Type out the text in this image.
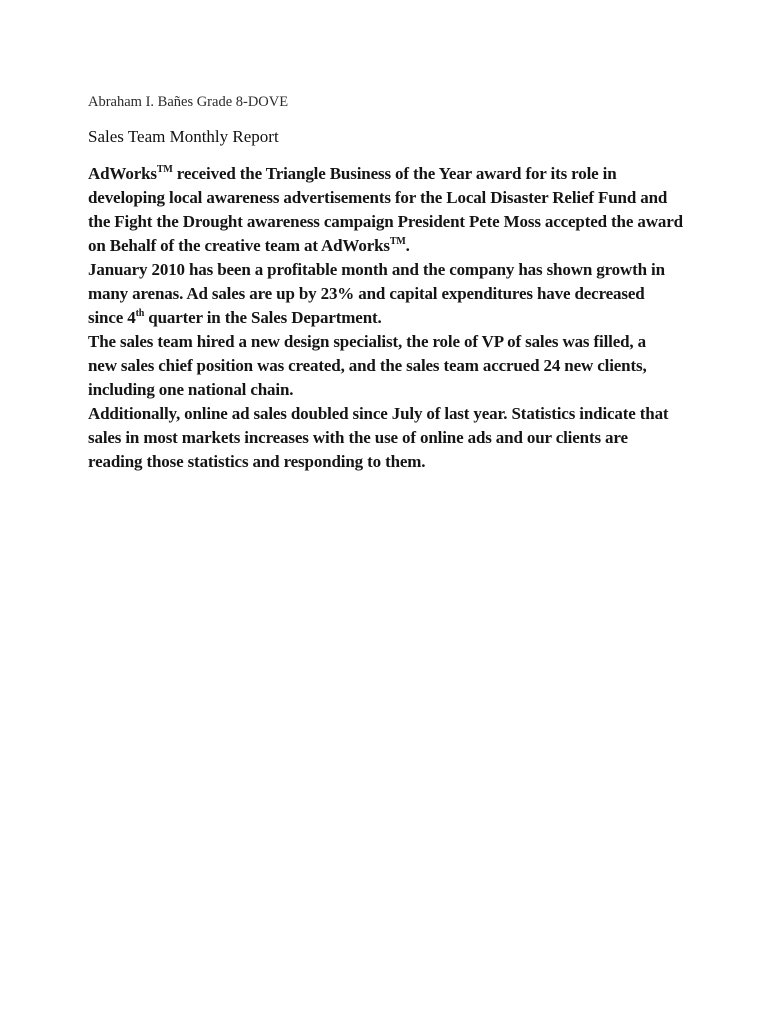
Abraham I. Bañes Grade 8-DOVE
Sales Team Monthly Report
AdWorks™ received the Triangle Business of the Year award for its role in
developing local awareness advertisements for the Local Disaster Relief Fund and
the Fight the Drought awareness campaign President Pete Moss accepted the award
on Behalf of the creative team at AdWorks™.
January 2010 has been a profitable month and the company has shown growth in
many arenas. Ad sales are up by 23% and capital expenditures have decreased
since 4th quarter in the Sales Department.
The sales team hired a new design specialist, the role of VP of sales was filled, a
new sales chief position was created, and the sales team accrued 24 new clients,
including one national chain.
Additionally, online ad sales doubled since July of last year. Statistics indicate that
sales in most markets increases with the use of online ads and our clients are
reading those statistics and responding to them.
